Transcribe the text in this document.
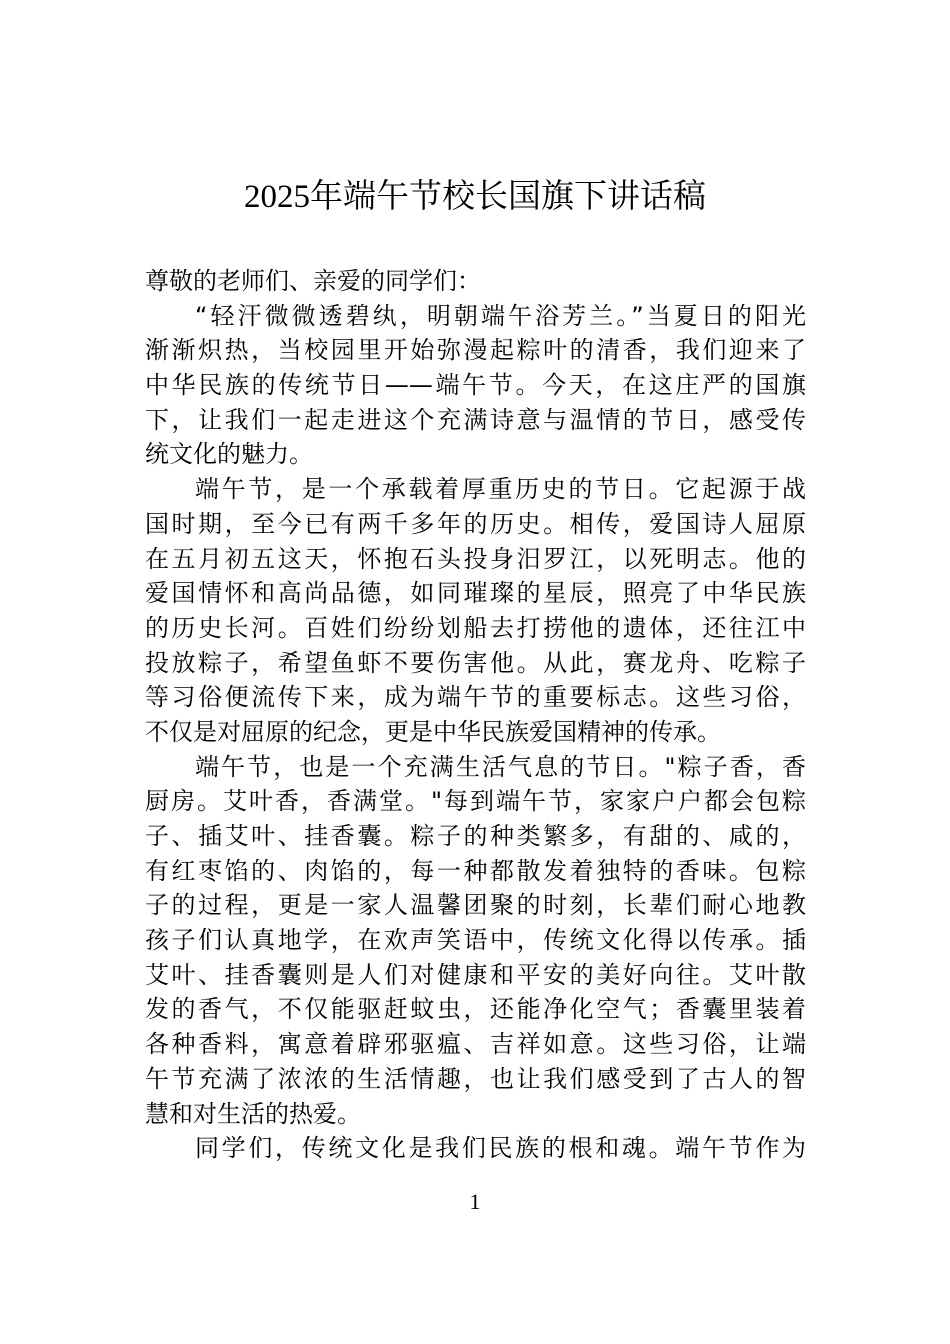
2025年端午节校长国旗下讲话稿
尊敬的老师们、亲爱的同学们：
“轻汗微微透碧纨，明朝端午浴芳兰。”当夏日的阳光
渐渐炽热，当校园里开始弥漫起粽叶的清香，我们迎来了
中华民族的传统节日——端午节。今天，在这庄严的国旗
下，让我们一起走进这个充满诗意与温情的节日，感受传
统文化的魅力。
端午节，是一个承载着厚重历史的节日。它起源于战
国时期，至今已有两千多年的历史。相传，爱国诗人屈原
在五月初五这天，怀抱石头投身汨罗江，以死明志。他的
爱国情怀和高尚品德，如同璀璨的星辰，照亮了中华民族
的历史长河。百姓们纷纷划船去打捞他的遗体，还往江中
投放粽子，希望鱼虾不要伤害他。从此，赛龙舟、吃粽子
等习俗便流传下来，成为端午节的重要标志。这些习俗，
不仅是对屈原的纪念，更是中华民族爱国精神的传承。
端午节，也是一个充满生活气息的节日。"粽子香，香
厨房。艾叶香，香满堂。"每到端午节，家家户户都会包粽
子、插艾叶、挂香囊。粽子的种类繁多，有甜的、咸的，
有红枣馅的、肉馅的，每一种都散发着独特的香味。包粽
子的过程，更是一家人温馨团聚的时刻，长辈们耐心地教
孩子们认真地学，在欢声笑语中，传统文化得以传承。插
艾叶、挂香囊则是人们对健康和平安的美好向往。艾叶散
发的香气，不仅能驱赶蚊虫，还能净化空气；香囊里装着
各种香料，寓意着辟邪驱瘟、吉祥如意。这些习俗，让端
午节充满了浓浓的生活情趣，也让我们感受到了古人的智
慧和对生活的热爱。
同学们，传统文化是我们民族的根和魂。端午节作为
1
